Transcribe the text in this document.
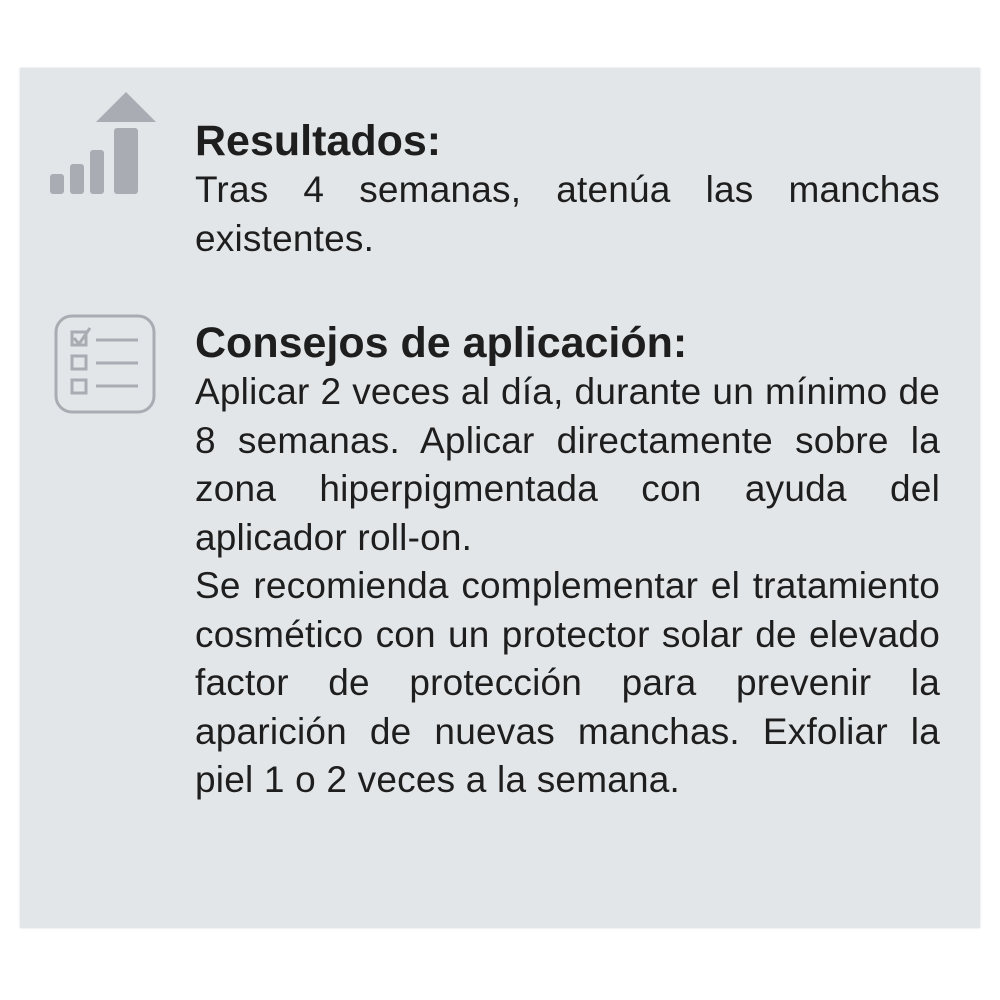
Resultados:

Tras 4 semanas, atenúa las manchas existentes.

Consejos de aplicación:

Aplicar 2 veces al día, durante un mínimo de 8 semanas. Aplicar directamente sobre la zona hiperpigmentada con ayuda del aplicador roll-on.

Se recomienda complementar el tratamiento cosmético con un protector solar de elevado factor de protección para prevenir la aparición de nuevas manchas. Exfoliar la piel 1 o 2 veces a la semana.
